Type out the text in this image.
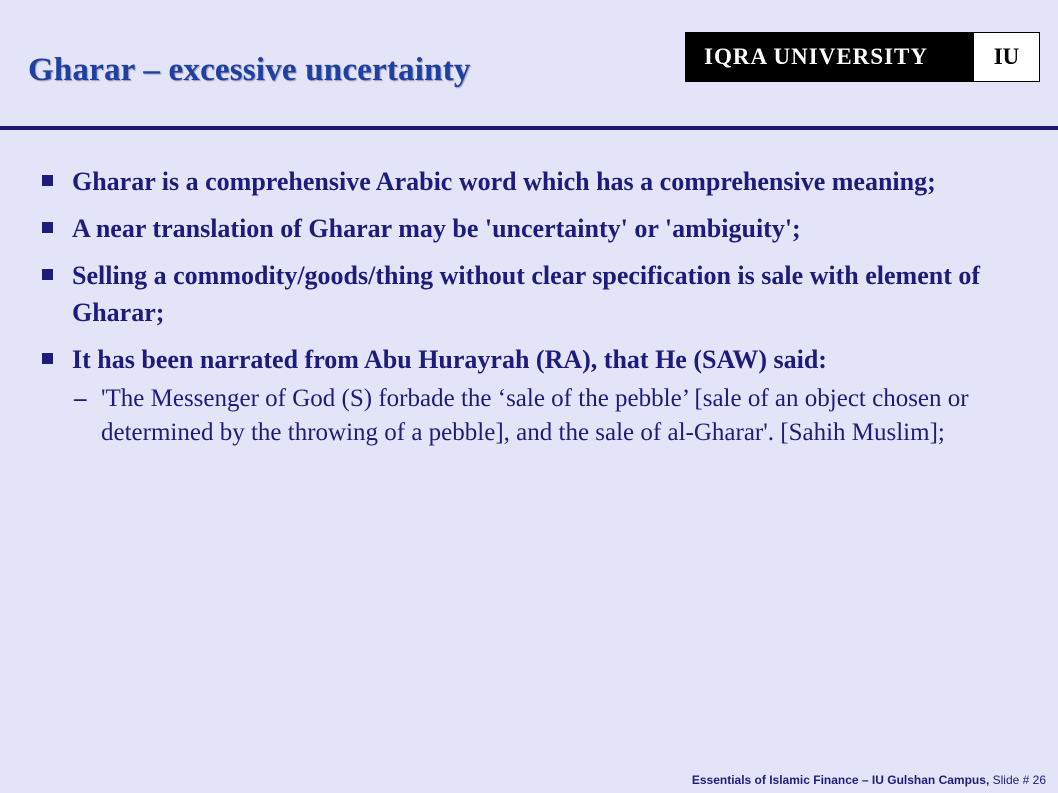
Gharar – excessive uncertainty	IQRA UNIVERSITY	IU
Gharar is a comprehensive Arabic word which has a comprehensive meaning;
A near translation of Gharar may be 'uncertainty' or 'ambiguity';
Selling a commodity/goods/thing without clear specification is sale with element of Gharar;
It has been narrated from Abu Hurayrah (RA), that He (SAW) said:
– 'The Messenger of God (S) forbade the ‘sale of the pebble’ [sale of an object chosen or determined by the throwing of a pebble], and the sale of al-Gharar'. [Sahih Muslim];
Essentials of Islamic Finance – IU Gulshan Campus, Slide # 26
